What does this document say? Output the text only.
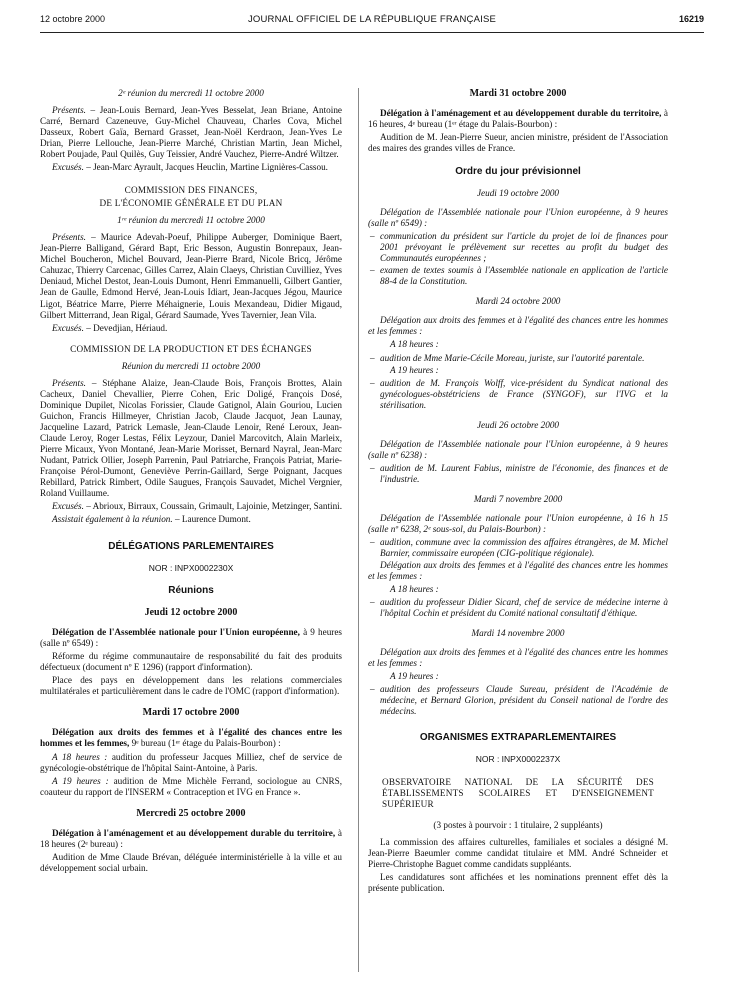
12 octobre 2000	JOURNAL OFFICIEL DE LA RÉPUBLIQUE FRANÇAISE	16219

2ᵉ réunion du mercredi 11 octobre 2000

Présents. – Jean-Louis Bernard, Jean-Yves Besselat, Jean Briane, Antoine Carré, Bernard Cazeneuve, Guy-Michel Chauveau, Charles Cova, Michel Dasseux, Robert Gaïa, Bernard Grasset, Jean-Noël Kerdraon, Jean-Yves Le Drian, Pierre Lellouche, Jean-Pierre Marché, Christian Martin, Jean Michel, Robert Poujade, Paul Quilès, Guy Teissier, André Vauchez, Pierre-André Wiltzer.

Excusés. – Jean-Marc Ayrault, Jacques Heuclin, Martine Lignières-Cassou.

COMMISSION DES FINANCES,

DE L'ÉCONOMIE GÉNÉRALE ET DU PLAN

1ʳᵉ réunion du mercredi 11 octobre 2000

Présents. – Maurice Adevah-Poeuf, Philippe Auberger, Dominique Baert, Jean-Pierre Balligand, Gérard Bapt, Eric Besson, Augustin Bonrepaux, Jean-Michel Boucheron, Michel Bouvard, Jean-Pierre Brard, Nicole Bricq, Jérôme Cahuzac, Thierry Carcenac, Gilles Carrez, Alain Claeys, Christian Cuvilliez, Yves Deniaud, Michel Destot, Jean-Louis Dumont, Henri Emmanuelli, Gilbert Gantier, Jean de Gaulle, Edmond Hervé, Jean-Louis Idiart, Jean-Jacques Jégou, Maurice Ligot, Béatrice Marre, Pierre Méhaignerie, Louis Mexandeau, Didier Migaud, Gilbert Mitterrand, Jean Rigal, Gérard Saumade, Yves Tavernier, Jean Vila.

Excusés. – Devedjian, Hériaud.

COMMISSION DE LA PRODUCTION ET DES ÉCHANGES

Réunion du mercredi 11 octobre 2000

Présents. – Stéphane Alaize, Jean-Claude Bois, François Brottes, Alain Cacheux, Daniel Chevallier, Pierre Cohen, Eric Doligé, François Dosé, Dominique Dupilet, Nicolas Forissier, Claude Gatignol, Alain Gouriou, Lucien Guichon, Francis Hillmeyer, Christian Jacob, Claude Jacquot, Jean Launay, Jacqueline Lazard, Patrick Lemasle, Jean-Claude Lenoir, René Leroux, Jean-Claude Leroy, Roger Lestas, Félix Leyzour, Daniel Marcovitch, Alain Marleix, Pierre Micaux, Yvon Montané, Jean-Marie Morisset, Bernard Nayral, Jean-Marc Nudant, Patrick Ollier, Joseph Parrenin, Paul Patriarche, François Patriat, Marie-Françoise Pérol-Dumont, Geneviève Perrin-Gaillard, Serge Poignant, Jacques Rebillard, Patrick Rimbert, Odile Saugues, François Sauvadet, Michel Vergnier, Roland Vuillaume.

Excusés. – Abrioux, Birraux, Coussain, Grimault, Lajoinie, Metzinger, Santini.

Assistait également à la réunion. – Laurence Dumont.

DÉLÉGATIONS PARLEMENTAIRES

NOR : INPX0002230X

Réunions

Jeudi 12 octobre 2000

Délégation de l'Assemblée nationale pour l'Union européenne, à 9 heures (salle nº 6549) :

Réforme du régime communautaire de responsabilité du fait des produits défectueux (document nº E 1296) (rapport d'information).

Place des pays en développement dans les relations commerciales multilatérales et particulièrement dans le cadre de l'OMC (rapport d'information).

Mardi 17 octobre 2000

Délégation aux droits des femmes et à l'égalité des chances entre les hommes et les femmes, 9ᵉ bureau (1ᵉʳ étage du Palais-Bourbon) :

A 18 heures : audition du professeur Jacques Milliez, chef de service de gynécologie-obstétrique de l'hôpital Saint-Antoine, à Paris.

A 19 heures : audition de Mme Michèle Ferrand, sociologue au CNRS, coauteur du rapport de l'INSERM « Contraception et IVG en France ».

Mercredi 25 octobre 2000

Délégation à l'aménagement et au développement durable du territoire, à 18 heures (2ᵉ bureau) :

Audition de Mme Claude Brévan, déléguée interministérielle à la ville et au développement social urbain.

Mardi 31 octobre 2000

Délégation à l'aménagement et au développement durable du territoire, à 16 heures, 4ᵉ bureau (1ᵉʳ étage du Palais-Bourbon) :

Audition de M. Jean-Pierre Sueur, ancien ministre, président de l'Association des maires des grandes villes de France.

Ordre du jour prévisionnel

Jeudi 19 octobre 2000

Délégation de l'Assemblée nationale pour l'Union européenne, à 9 heures (salle nº 6549) :

– communication du président sur l'article du projet de loi de finances pour 2001 prévoyant le prélèvement sur recettes au profit du budget des Communautés européennes ;
– examen de textes soumis à l'Assemblée nationale en application de l'article 88-4 de la Constitution.

Mardi 24 octobre 2000

Délégation aux droits des femmes et à l'égalité des chances entre les hommes et les femmes :

A 18 heures :

– audition de Mme Marie-Cécile Moreau, juriste, sur l'autorité parentale.

A 19 heures :

– audition de M. François Wolff, vice-président du Syndicat national des gynécologues-obstétriciens de France (SYNGOF), sur l'IVG et la stérilisation.

Jeudi 26 octobre 2000

Délégation de l'Assemblée nationale pour l'Union européenne, à 9 heures (salle nº 6238) :

– audition de M. Laurent Fabius, ministre de l'économie, des finances et de l'industrie.

Mardi 7 novembre 2000

Délégation de l'Assemblée nationale pour l'Union européenne, à 16 h 15 (salle nº 6238, 2ᵉ sous-sol, du Palais-Bourbon) :

– audition, commune avec la commission des affaires étrangères, de M. Michel Barnier, commissaire européen (CIG-politique régionale).

Délégation aux droits des femmes et à l'égalité des chances entre les hommes et les femmes :

A 18 heures :

– audition du professeur Didier Sicard, chef de service de médecine interne à l'hôpital Cochin et président du Comité national consultatif d'éthique.

Mardi 14 novembre 2000

Délégation aux droits des femmes et à l'égalité des chances entre les hommes et les femmes :

A 19 heures :

– audition des professeurs Claude Sureau, président de l'Académie de médecine, et Bernard Glorion, président du Conseil national de l'ordre des médecins.

ORGANISMES EXTRAPARLEMENTAIRES

NOR : INPX0002237X

OBSERVATOIRE NATIONAL DE LA SÉCURITÉ DES ÉTABLISSEMENTS SCOLAIRES ET D'ENSEIGNEMENT SUPÉRIEUR

(3 postes à pourvoir : 1 titulaire, 2 suppléants)

La commission des affaires culturelles, familiales et sociales a désigné M. Jean-Pierre Baeumler comme candidat titulaire et MM. André Schneider et Pierre-Christophe Baguet comme candidats suppléants.

Les candidatures sont affichées et les nominations prennent effet dès la présente publication.
